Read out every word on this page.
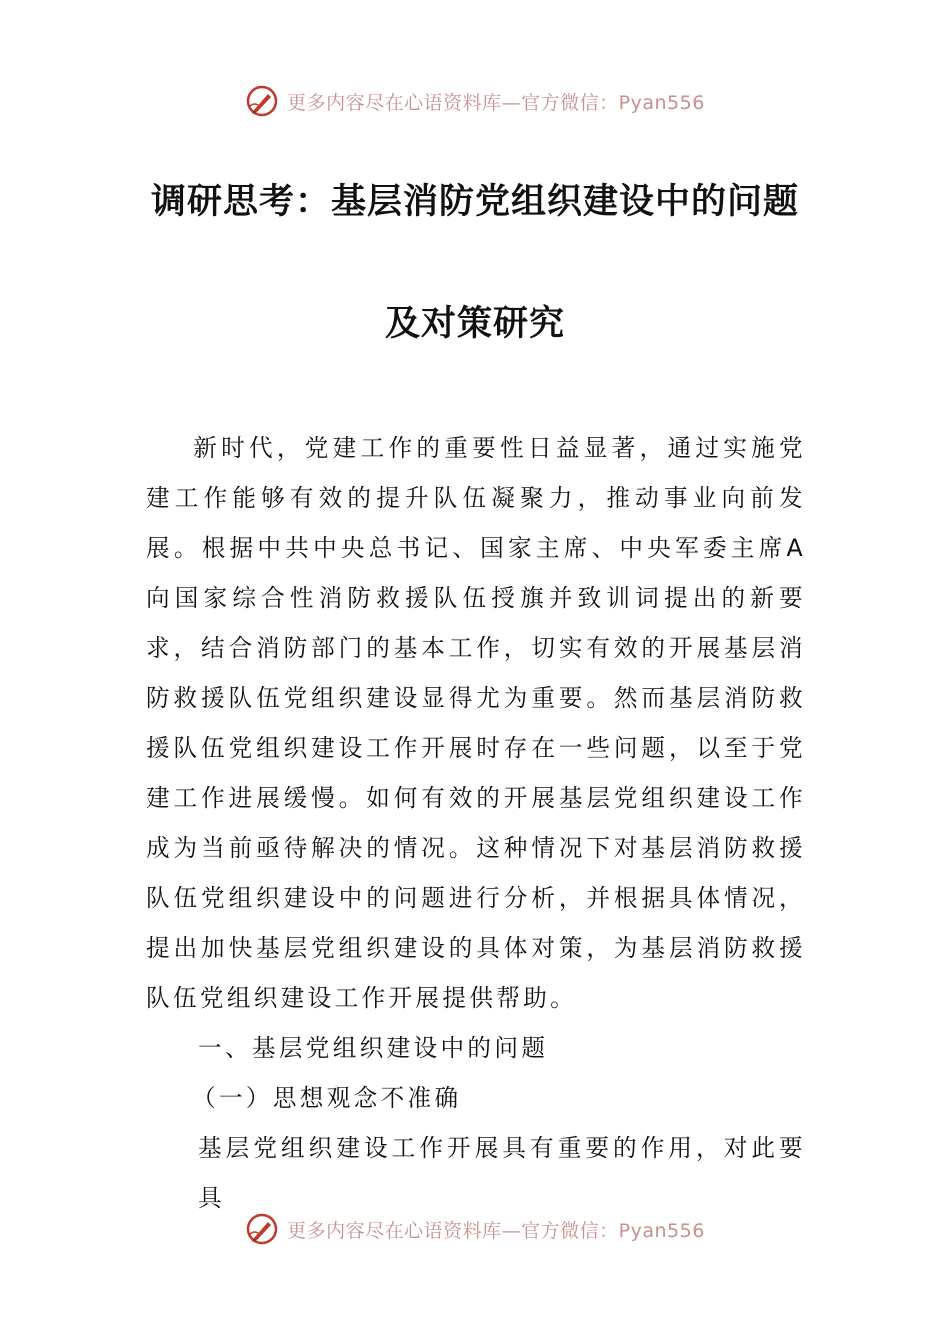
更多内容尽在心语资料库—官方微信：Pyan556
调研思考：基层消防党组织建设中的问题
及对策研究

新时代，党建工作的重要性日益显著，通过实施党建工作能够有效的提升队伍凝聚力，推动事业向前发展。根据中共中央总书记、国家主席、中央军委主席A向国家综合性消防救援队伍授旗并致训词提出的新要求，结合消防部门的基本工作，切实有效的开展基层消防救援队伍党组织建设显得尤为重要。然而基层消防救援队伍党组织建设工作开展时存在一些问题，以至于党建工作进展缓慢。如何有效的开展基层党组织建设工作成为当前亟待解决的情况。这种情况下对基层消防救援队伍党组织建设中的问题进行分析，并根据具体情况，提出加快基层党组织建设的具体对策，为基层消防救援队伍党组织建设工作开展提供帮助。

一、基层党组织建设中的问题

（一）思想观念不准确

基层党组织建设工作开展具有重要的作用，对此要具

更多内容尽在心语资料库—官方微信：Pyan556
